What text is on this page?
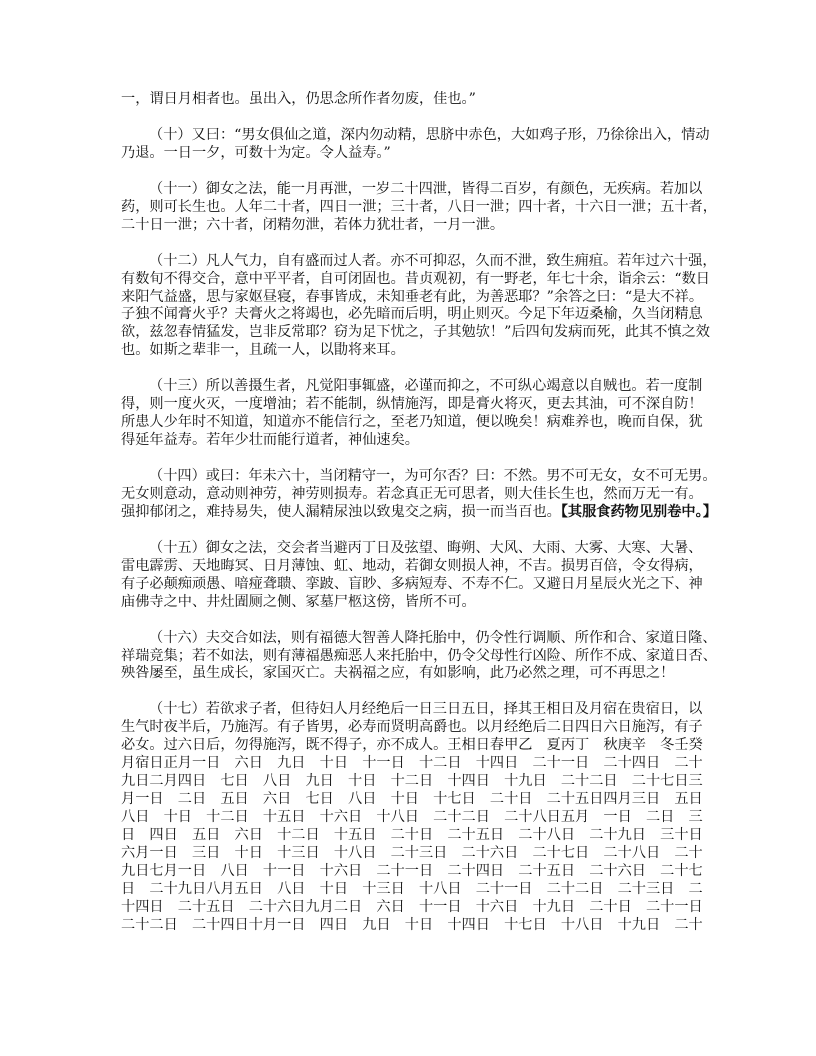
一，谓日月相者也。虽出入，仍思念所作者勿废，佳也。”
（十）又曰：“男女俱仙之道，深内勿动精，思脐中赤色，大如鸡子形，乃徐徐出入，情动
乃退。一日一夕，可数十为定。令人益寿。”
（十一）御女之法，能一月再泄，一岁二十四泄，皆得二百岁，有颜色，无疾病。若加以
药，则可长生也。人年二十者，四日一泄；三十者，八日一泄；四十者，十六日一泄；五十者，
二十日一泄；六十者，闭精勿泄，若体力犹壮者，一月一泄。
（十二）凡人气力，自有盛而过人者。亦不可抑忍，久而不泄，致生痈疽。若年过六十强，
有数旬不得交合，意中平平者，自可闭固也。昔贞观初，有一野老，年七十余，诣余云：“数日
来阳气益盛，思与家妪昼寝，春事皆成，未知垂老有此，为善恶耶？”余答之曰：“是大不祥。
子独不闻膏火乎？夫膏火之将竭也，必先暗而后明，明止则灭。今足下年迈桑榆，久当闭精息
欲，兹忽春情猛发，岂非反常耶？窃为足下忧之，子其勉欤！”后四旬发病而死，此其不慎之效
也。如斯之辈非一，且疏一人，以勖将来耳。
（十三）所以善摄生者，凡觉阳事辄盛，必谨而抑之，不可纵心竭意以自贼也。若一度制
得，则一度火灭，一度增油；若不能制，纵情施泻，即是膏火将灭，更去其油，可不深自防！
所患人少年时不知道，知道亦不能信行之，至老乃知道，便以晚矣！病难养也，晚而自保，犹
得延年益寿。若年少壮而能行道者，神仙速矣。
（十四）或曰：年未六十，当闭精守一，为可尔否？曰：不然。男不可无女，女不可无男。
无女则意动，意动则神劳，神劳则损寿。若念真正无可思者，则大佳长生也，然而万无一有。
强抑郁闭之，难持易失，使人漏精尿浊以致鬼交之病，损一而当百也。【其服食药物见别卷中。】
（十五）御女之法，交会者当避丙丁日及弦望、晦朔、大风、大雨、大雾、大寒、大暑、
雷电霹雳、天地晦冥、日月薄蚀、虹、地动，若御女则损人神，不吉。损男百倍，令女得病，
有子必颠痴顽愚、喑痖聋聩、挛跛、盲眇、多病短寿、不寿不仁。又避日月星辰火光之下、神
庙佛寺之中、井灶圊厕之侧、冢墓尸柩这傍，皆所不可。
（十六）夫交合如法，则有福德大智善人降托胎中，仍令性行调顺、所作和合、家道日隆、
祥瑞竞集；若不如法，则有薄福愚痴恶人来托胎中，仍令父母性行凶险、所作不成、家道日否、
殃咎屡至，虽生成长，家国灭亡。夫祸福之应，有如影响，此乃必然之理，可不再思之！
（十七）若欲求子者，但待妇人月经绝后一日三日五日，择其王相日及月宿在贵宿日，以
生气时夜半后，乃施泻。有子皆男，必寿而贤明高爵也。以月经绝后二日四日六日施泻，有子
必女。过六日后，勿得施泻，既不得子，亦不成人。王相日春甲乙　夏丙丁　秋庚辛　冬壬癸
月宿日正月一日　六日　九日　十日　十一日　十二日　十四日　二十一日　二十四日　二十
九日二月四日　七日　八日　九日　十日　十二日　十四日　十九日　二十二日　二十七日三
月一日　二日　五日　六日　七日　八日　十日　十七日　二十日　二十五日四月三日　五日
八日　十日　十二日　十五日　十六日　十八日　二十二日　二十八日五月　一日　二日　三
日　四日　五日　六日　十二日　十五日　二十日　二十五日　二十八日　二十九日　三十日
六月一日　三日　十日　十三日　十八日　二十三日　二十六日　二十七日　二十八日　二十
九日七月一日　八日　十一日　十六日　二十一日　二十四日　二十五日　二十六日　二十七
日　二十九日八月五日　八日　十日　十三日　十八日　二十一日　二十二日　二十三日　二
十四日　二十五日　二十六日九月二日　六日　十一日　十六日　十九日　二十日　二十一日
二十二日　二十四日十月一日　四日　九日　十日　十四日　十七日　十八日　十九日　二十
